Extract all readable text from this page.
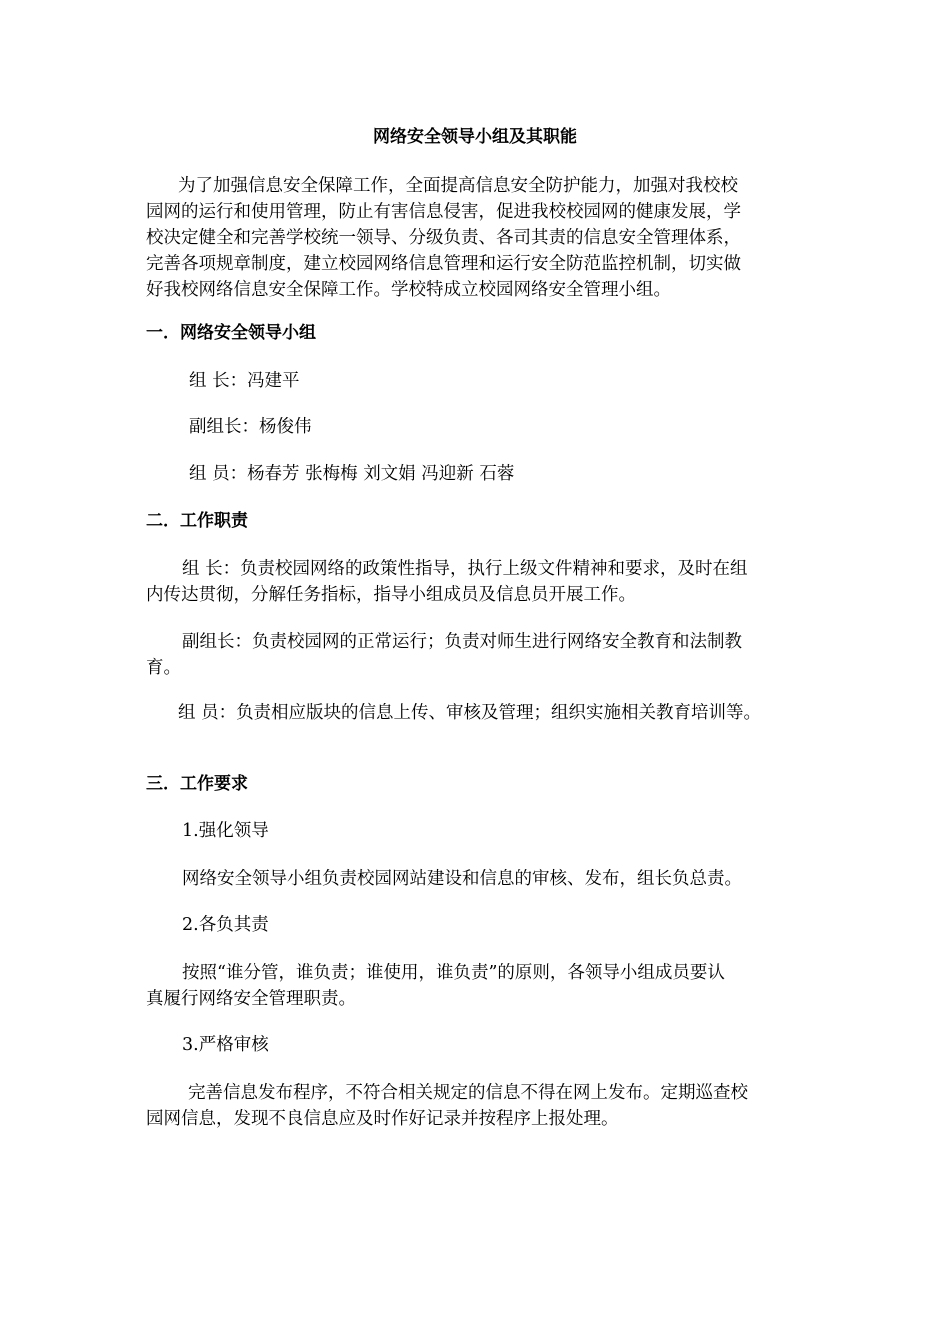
网络安全领导小组及其职能
为了加强信息安全保障工作，全面提高信息安全防护能力，加强对我校校
园网的运行和使用管理，防止有害信息侵害，促进我校校园网的健康发展，学
校决定健全和完善学校统一领导、分级负责、各司其责的信息安全管理体系，
完善各项规章制度，建立校园网络信息管理和运行安全防范监控机制，切实做
好我校网络信息安全保障工作。学校特成立校园网络安全管理小组。
一．网络安全领导小组
组 长：冯建平
副组长：杨俊伟
组 员：杨春芳 张梅梅 刘文娟 冯迎新 石蓉
二．工作职责
组 长：负责校园网络的政策性指导，执行上级文件精神和要求，及时在组
内传达贯彻，分解任务指标，指导小组成员及信息员开展工作。
副组长：负责校园网的正常运行；负责对师生进行网络安全教育和法制教
育。
组 员：负责相应版块的信息上传、审核及管理；组织实施相关教育培训等。
三．工作要求
1.强化领导
网络安全领导小组负责校园网站建设和信息的审核、发布，组长负总责。
2.各负其责
按照“谁分管，谁负责；谁使用，谁负责”的原则，各领导小组成员要认
真履行网络安全管理职责。
3.严格审核
完善信息发布程序，不符合相关规定的信息不得在网上发布。定期巡查校
园网信息，发现不良信息应及时作好记录并按程序上报处理。
